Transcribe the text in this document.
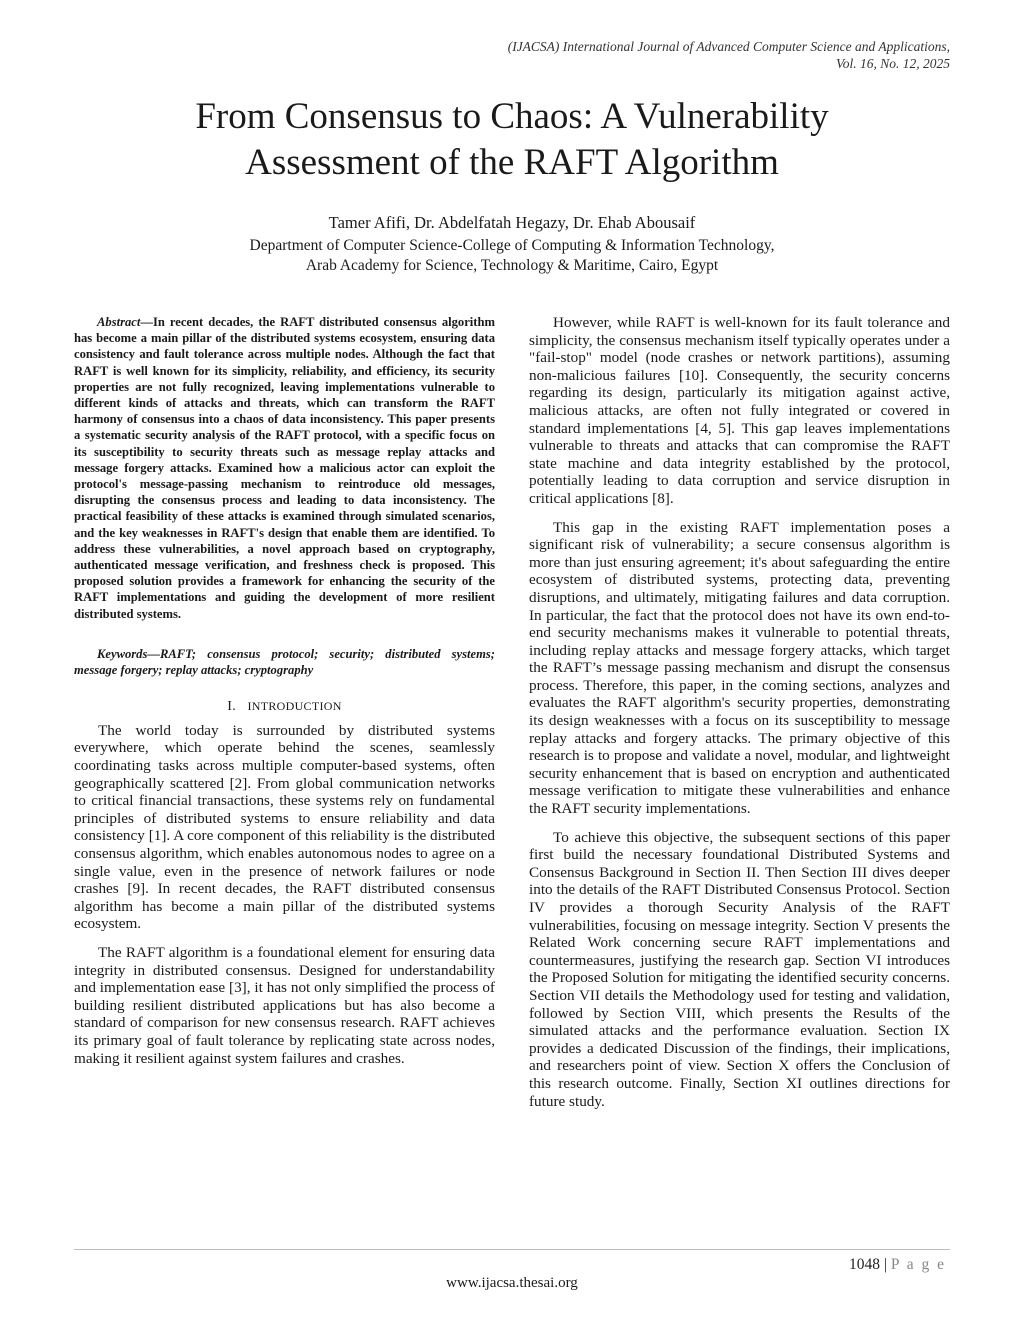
(IJACSA) International Journal of Advanced Computer Science and Applications,
Vol. 16, No. 12, 2025
From Consensus to Chaos: A Vulnerability
Assessment of the RAFT Algorithm
Tamer Afifi, Dr. Abdelfatah Hegazy, Dr. Ehab Abousaif
Department of Computer Science-College of Computing & Information Technology,
Arab Academy for Science, Technology & Maritime, Cairo, Egypt

Abstract—In recent decades, the RAFT distributed consensus algorithm has become a main pillar of the distributed systems ecosystem, ensuring data consistency and fault tolerance across multiple nodes. Although the fact that RAFT is well known for its simplicity, reliability, and efficiency, its security properties are not fully recognized, leaving implementations vulnerable to different kinds of attacks and threats, which can transform the RAFT harmony of consensus into a chaos of data inconsistency. This paper presents a systematic security analysis of the RAFT protocol, with a specific focus on its susceptibility to security threats such as message replay attacks and message forgery attacks. Examined how a malicious actor can exploit the protocol's message-passing mechanism to reintroduce old messages, disrupting the consensus process and leading to data inconsistency. The practical feasibility of these attacks is examined through simulated scenarios, and the key weaknesses in RAFT's design that enable them are identified. To address these vulnerabilities, a novel approach based on cryptography, authenticated message verification, and freshness check is proposed. This proposed solution provides a framework for enhancing the security of the RAFT implementations and guiding the development of more resilient distributed systems.

Keywords—RAFT; consensus protocol; security; distributed systems; message forgery; replay attacks; cryptography

I. INTRODUCTION

The world today is surrounded by distributed systems everywhere, which operate behind the scenes, seamlessly coordinating tasks across multiple computer-based systems, often geographically scattered [2]. From global communication networks to critical financial transactions, these systems rely on fundamental principles of distributed systems to ensure reliability and data consistency [1]. A core component of this reliability is the distributed consensus algorithm, which enables autonomous nodes to agree on a single value, even in the presence of network failures or node crashes [9]. In recent decades, the RAFT distributed consensus algorithm has become a main pillar of the distributed systems ecosystem.

The RAFT algorithm is a foundational element for ensuring data integrity in distributed consensus. Designed for understandability and implementation ease [3], it has not only simplified the process of building resilient distributed applications but has also become a standard of comparison for new consensus research. RAFT achieves its primary goal of fault tolerance by replicating state across nodes, making it resilient against system failures and crashes.

However, while RAFT is well-known for its fault tolerance and simplicity, the consensus mechanism itself typically operates under a "fail-stop" model (node crashes or network partitions), assuming non-malicious failures [10]. Consequently, the security concerns regarding its design, particularly its mitigation against active, malicious attacks, are often not fully integrated or covered in standard implementations [4, 5]. This gap leaves implementations vulnerable to threats and attacks that can compromise the RAFT state machine and data integrity established by the protocol, potentially leading to data corruption and service disruption in critical applications [8].

This gap in the existing RAFT implementation poses a significant risk of vulnerability; a secure consensus algorithm is more than just ensuring agreement; it's about safeguarding the entire ecosystem of distributed systems, protecting data, preventing disruptions, and ultimately, mitigating failures and data corruption. In particular, the fact that the protocol does not have its own end-to-end security mechanisms makes it vulnerable to potential threats, including replay attacks and message forgery attacks, which target the RAFT’s message passing mechanism and disrupt the consensus process. Therefore, this paper, in the coming sections, analyzes and evaluates the RAFT algorithm's security properties, demonstrating its design weaknesses with a focus on its susceptibility to message replay attacks and forgery attacks. The primary objective of this research is to propose and validate a novel, modular, and lightweight security enhancement that is based on encryption and authenticated message verification to mitigate these vulnerabilities and enhance the RAFT security implementations.

To achieve this objective, the subsequent sections of this paper first build the necessary foundational Distributed Systems and Consensus Background in Section II. Then Section III dives deeper into the details of the RAFT Distributed Consensus Protocol. Section IV provides a thorough Security Analysis of the RAFT vulnerabilities, focusing on message integrity. Section V presents the Related Work concerning secure RAFT implementations and countermeasures, justifying the research gap. Section VI introduces the Proposed Solution for mitigating the identified security concerns. Section VII details the Methodology used for testing and validation, followed by Section VIII, which presents the Results of the simulated attacks and the performance evaluation. Section IX provides a dedicated Discussion of the findings, their implications, and researchers point of view. Section X offers the Conclusion of this research outcome. Finally, Section XI outlines directions for future study.

1048 | P a g e
www.ijacsa.thesai.org
